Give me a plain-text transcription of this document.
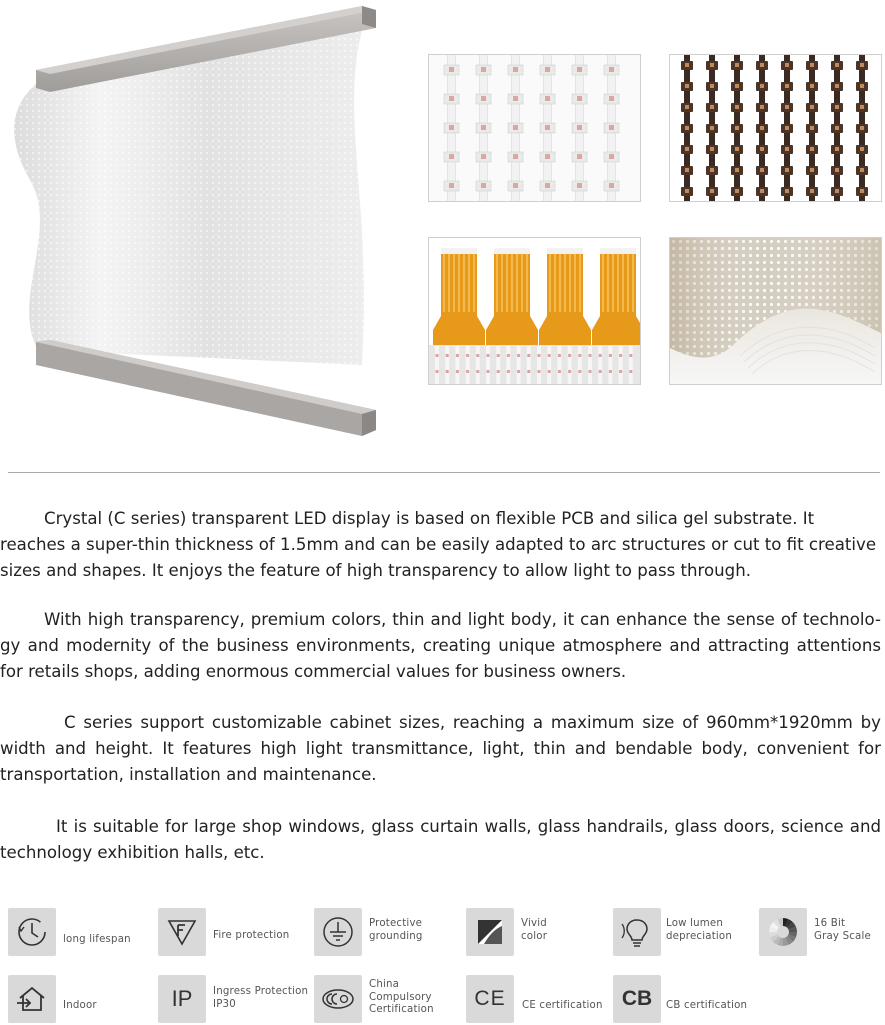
Crystal (C series) transparent LED display is based on flexible PCB and silica gel substrate. It reaches a super-thin thickness of 1.5mm and can be easily adapted to arc structures or cut to fit creative sizes and shapes. It enjoys the feature of high transparency to allow light to pass through.
With high transparency, premium colors, thin and light body, it can enhance the sense of technolo-gy and modernity of the business environments, creating unique atmosphere and attracting attentions for retails shops, adding enormous commercial values for business owners.
C series support customizable cabinet sizes, reaching a maximum size of 960mm*1920mm by width and height. It features high light transmittance, light, thin and bendable body, convenient for transportation, installation and maintenance.
It is suitable for large shop windows, glass curtain walls, glass handrails, glass doors, science and technology exhibition halls, etc.
long lifespan	Fire protection
Protective
grounding
Vivid
color
Low lumen
depreciation
16 Bit
Gray Scale
Indoor	IP Ingress Protection
IP30
China
Compulsory
Certification CE CE certification CB CB certification
